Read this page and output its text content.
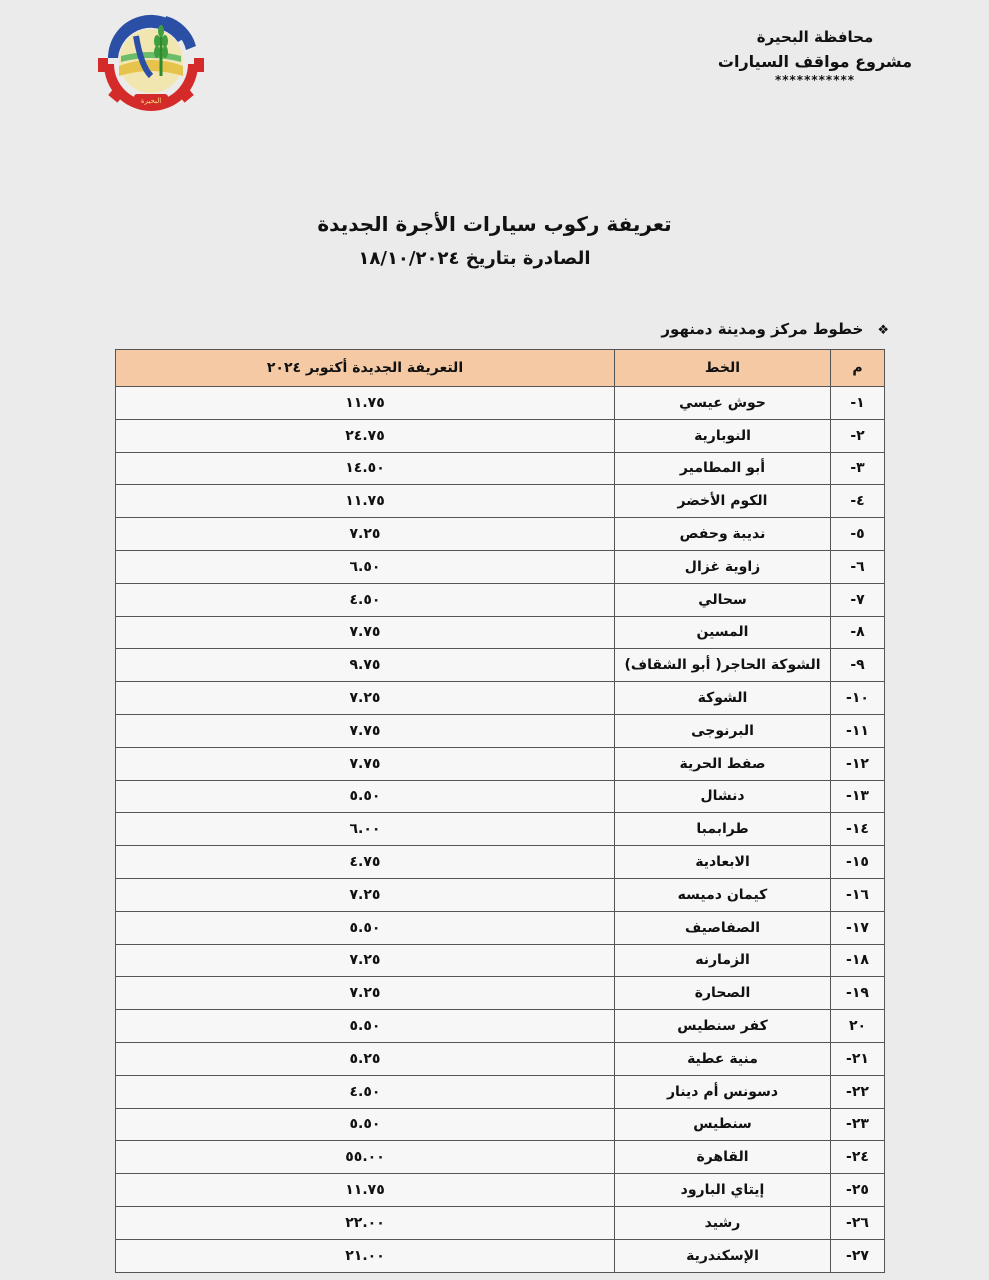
البحيرة
محافظة البحيرة
مشروع مواقف السيارات
***********
تعريفة ركوب سيارات الأجرة الجديدة
الصادرة بتاريخ ١٨/١٠/٢٠٢٤
❖خطوط مركز ومدينة دمنهور
م	الخط	التعريفة الجديدة أكتوبر ٢٠٢٤
١-	حوش عيسي	١١.٧٥
٢-	النوبارية	٢٤.٧٥
٣-	أبو المطامير	١٤.٥٠
٤-	الكوم الأخضر	١١.٧٥
٥-	نديبة وحفص	٧.٢٥
٦-	زاوية غزال	٦.٥٠
٧-	سحالي	٤.٥٠
٨-	المسين	٧.٧٥
٩-	الشوكة الحاجر( أبو الشقاف)	٩.٧٥
١٠-	الشوكة	٧.٢٥
١١-	البرنوجى	٧.٧٥
١٢-	صفط الحرية	٧.٧٥
١٣-	دنشال	٥.٥٠
١٤-	طرابمبا	٦.٠٠
١٥-	الابعادية	٤.٧٥
١٦-	كيمان دميسه	٧.٢٥
١٧-	الصفاصيف	٥.٥٠
١٨-	الزمارنه	٧.٢٥
١٩-	الصحارة	٧.٢٥
٢٠	كفر سنطيس	٥.٥٠
٢١-	منية عطية	٥.٢٥
٢٢-	دسونس أم دينار	٤.٥٠
٢٣-	سنطيس	٥.٥٠
٢٤-	القاهرة	٥٥.٠٠
٢٥-	إيتاي البارود	١١.٧٥
٢٦-	رشيد	٢٢.٠٠
٢٧-	الإسكندرية	٢١.٠٠
